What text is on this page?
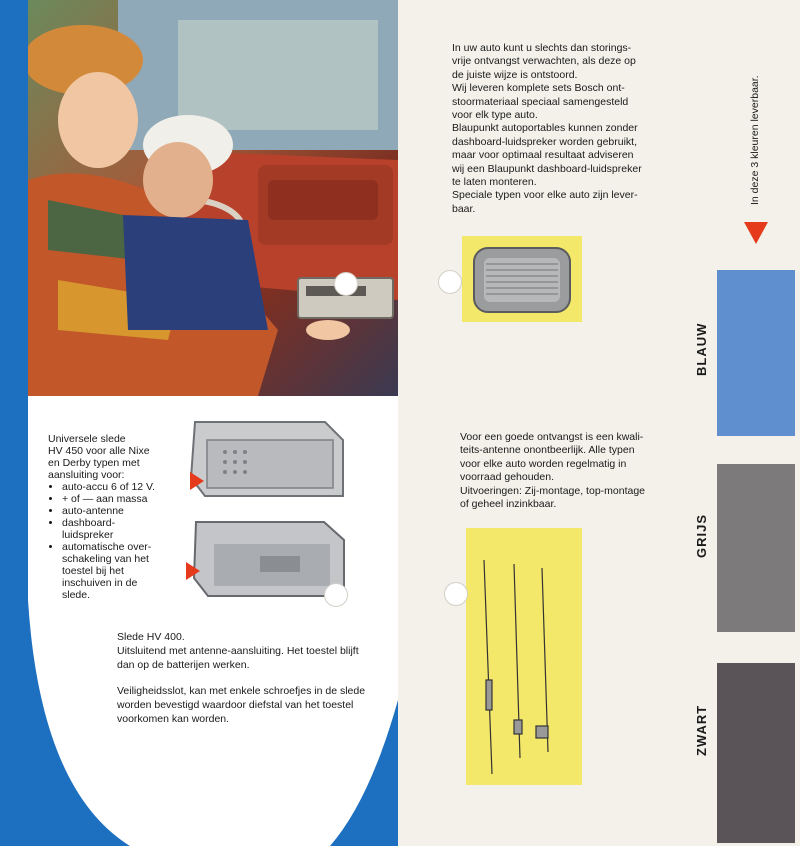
Universele slede
HV 450 voor alle Nixe
en Derby typen met
aansluiting voor:
• auto-accu 6 of 12 V.
• + of — aan massa
• auto-antenne
• dashboard-
luidspreker
• automatische over-
schakeling van het
toestel bij het
inschuiven in de
slede.
Slede HV 400.
Uitsluitend met antenne-aansluiting. Het toestel blijft dan op de batterijen werken.
Veiligheidsslot, kan met enkele schroefjes in de slede worden bevestigd waardoor diefstal van het toestel voorkomen kan worden.
In uw auto kunt u slechts dan storings-
vrije ontvangst verwachten, als deze op
de juiste wijze is ontstoord.
Wij leveren komplete sets Bosch ont-
stoormateriaal speciaal samengesteld
voor elk type auto.
Blaupunkt autoportables kunnen zonder
dashboard-luidspreker worden gebruikt,
maar voor optimaal resultaat adviseren
wij een Blaupunkt dashboard-luidspreker
te laten monteren.
Speciale typen voor elke auto zijn lever-
baar.
Voor een goede ontvangst is een kwali-
teits-antenne onontbeerlijk. Alle typen
voor elke auto worden regelmatig in
voorraad gehouden.
Uitvoeringen: Zij-montage, top-montage
of geheel inzinkbaar.
In deze 3 kleuren leverbaar.
BLAUW
GRIJS
ZWART
